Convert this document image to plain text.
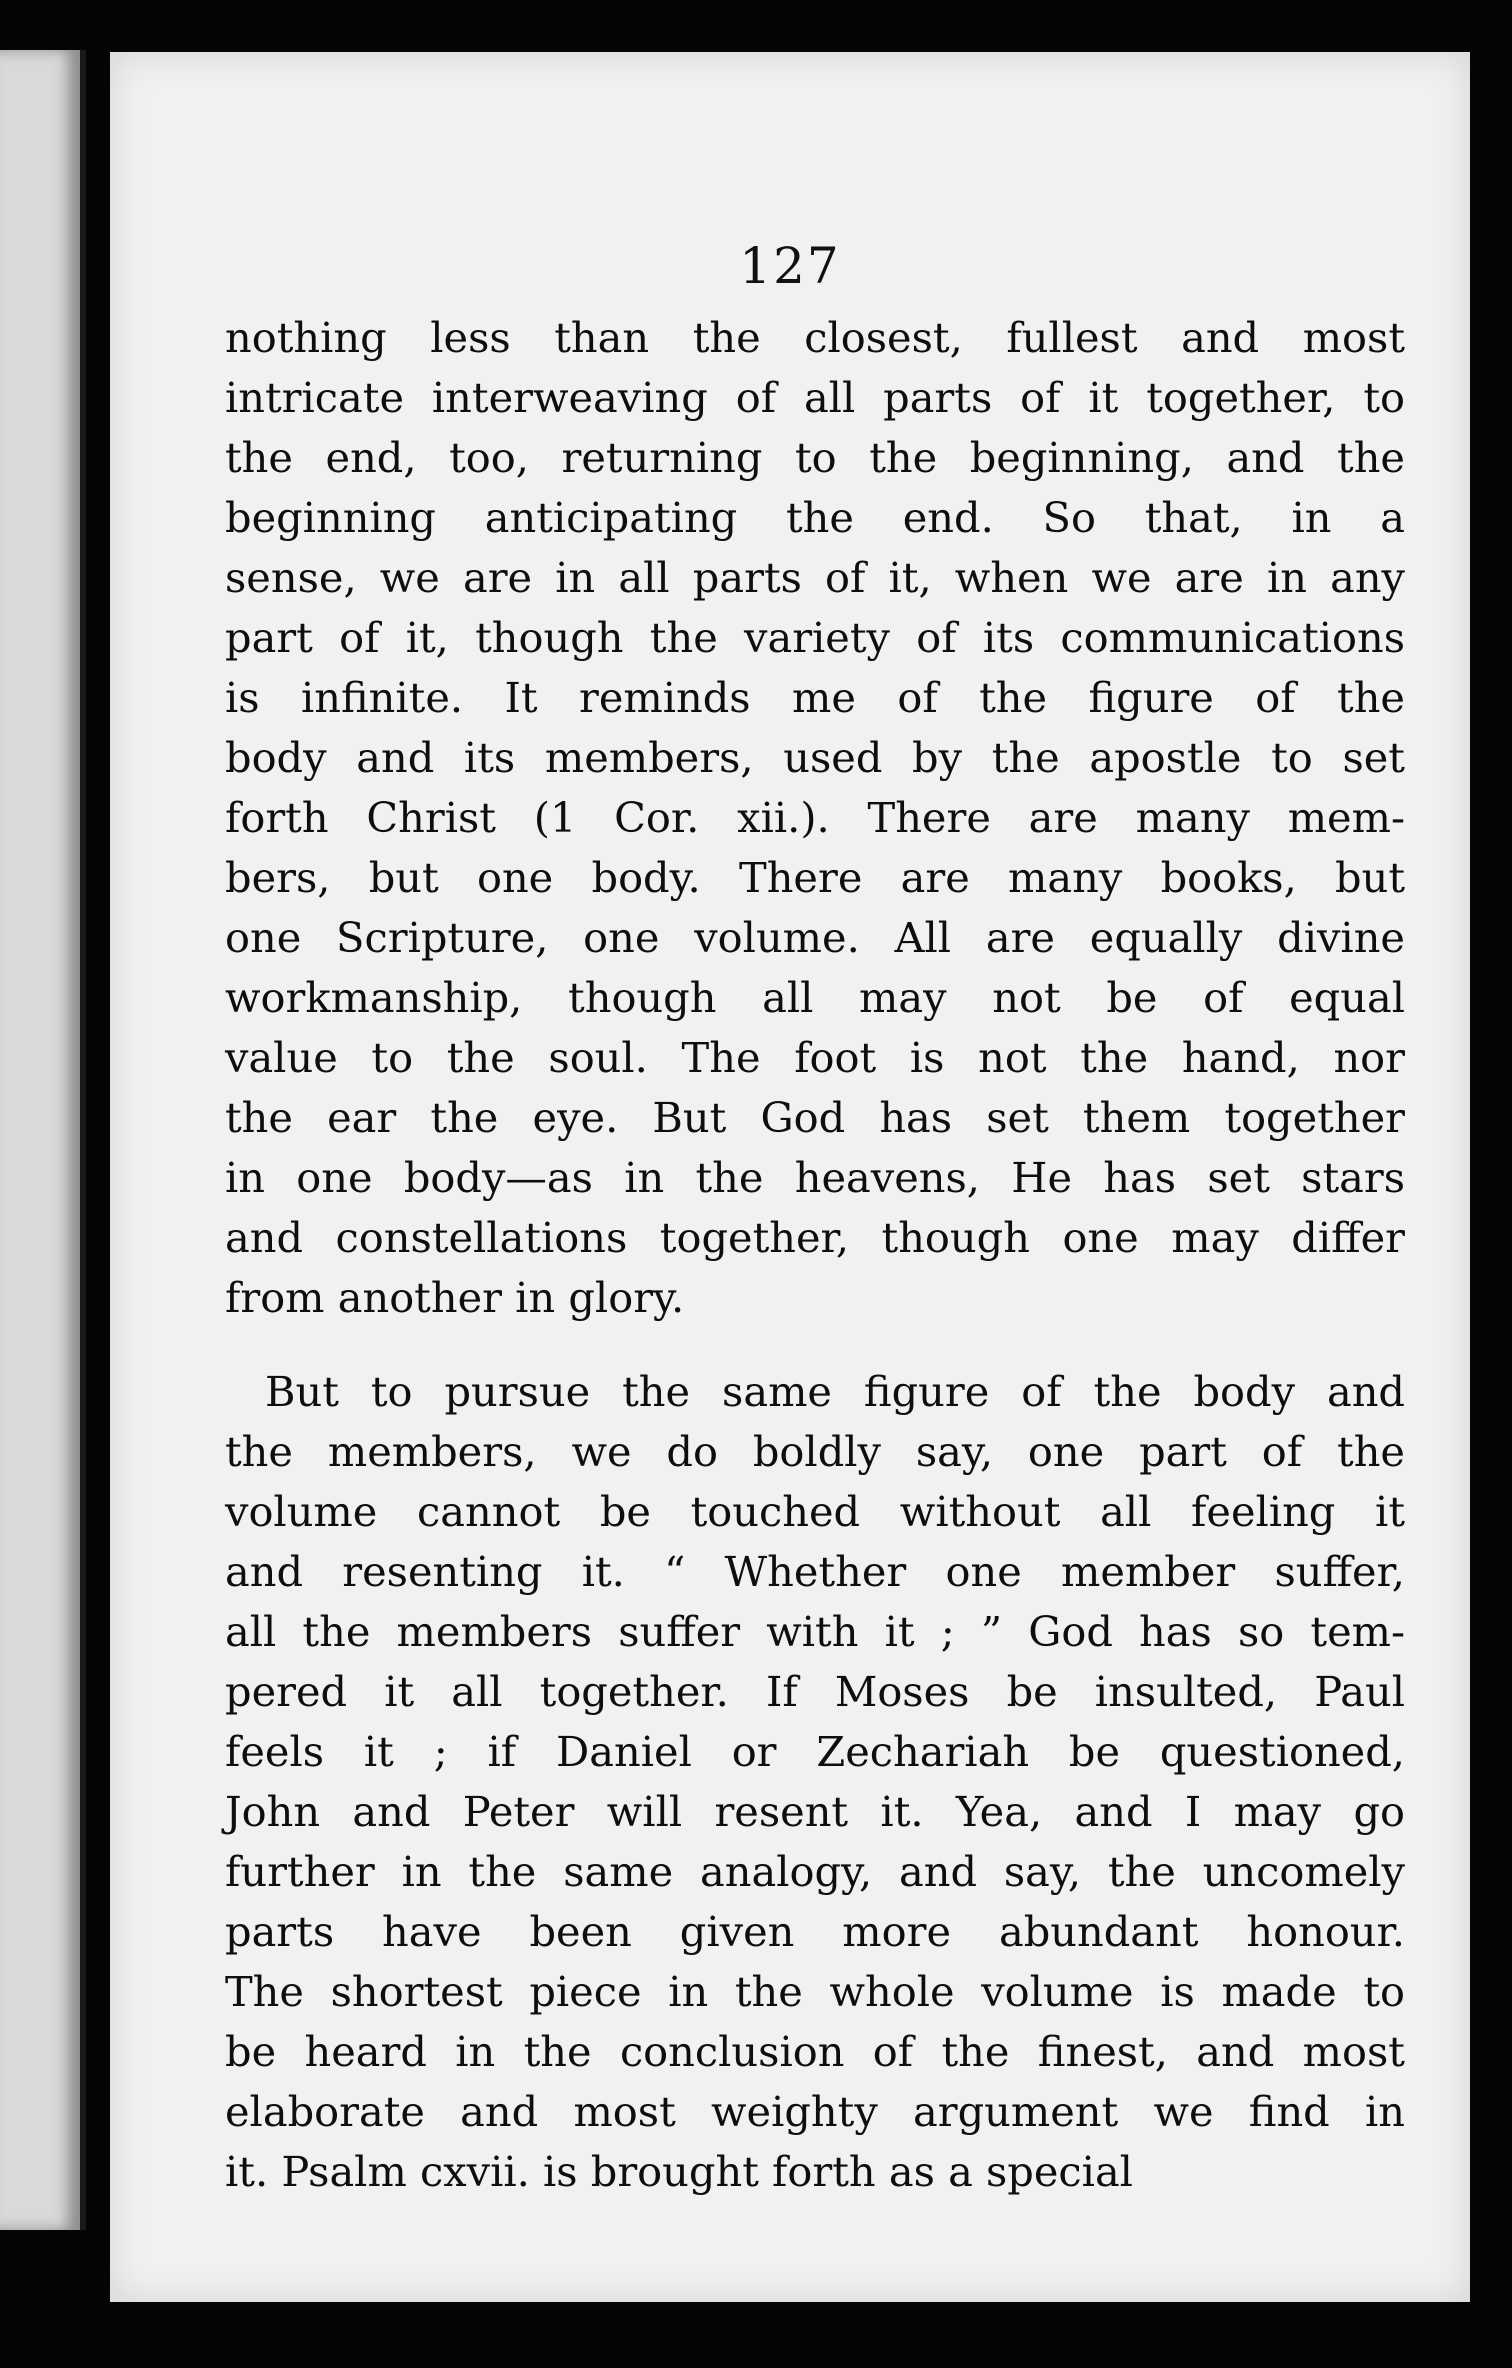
127
nothing less than the closest, fullest and most
intricate interweaving of all parts of it together, to
the end, too, returning to the beginning, and the
beginning anticipating the end. So that, in a
sense, we are in all parts of it, when we are in any
part of it, though the variety of its communications
is infinite. It reminds me of the figure of the
body and its members, used by the apostle to set
forth Christ (1 Cor. xii.). There are many mem-
bers, but one body. There are many books, but
one Scripture, one volume. All are equally divine
workmanship, though all may not be of equal
value to the soul. The foot is not the hand, nor
the ear the eye. But God has set them together
in one body—as in the heavens, He has set stars
and constellations together, though one may differ
from another in glory.
But to pursue the same figure of the body and
the members, we do boldly say, one part of the
volume cannot be touched without all feeling it
and resenting it. “ Whether one member suffer,
all the members suffer with it ; ” God has so tem-
pered it all together. If Moses be insulted, Paul
feels it ; if Daniel or Zechariah be questioned,
John and Peter will resent it. Yea, and I may go
further in the same analogy, and say, the uncomely
parts have been given more abundant honour.
The shortest piece in the whole volume is made to
be heard in the conclusion of the finest, and most
elaborate and most weighty argument we find in
it. Psalm cxvii. is brought forth as a special
